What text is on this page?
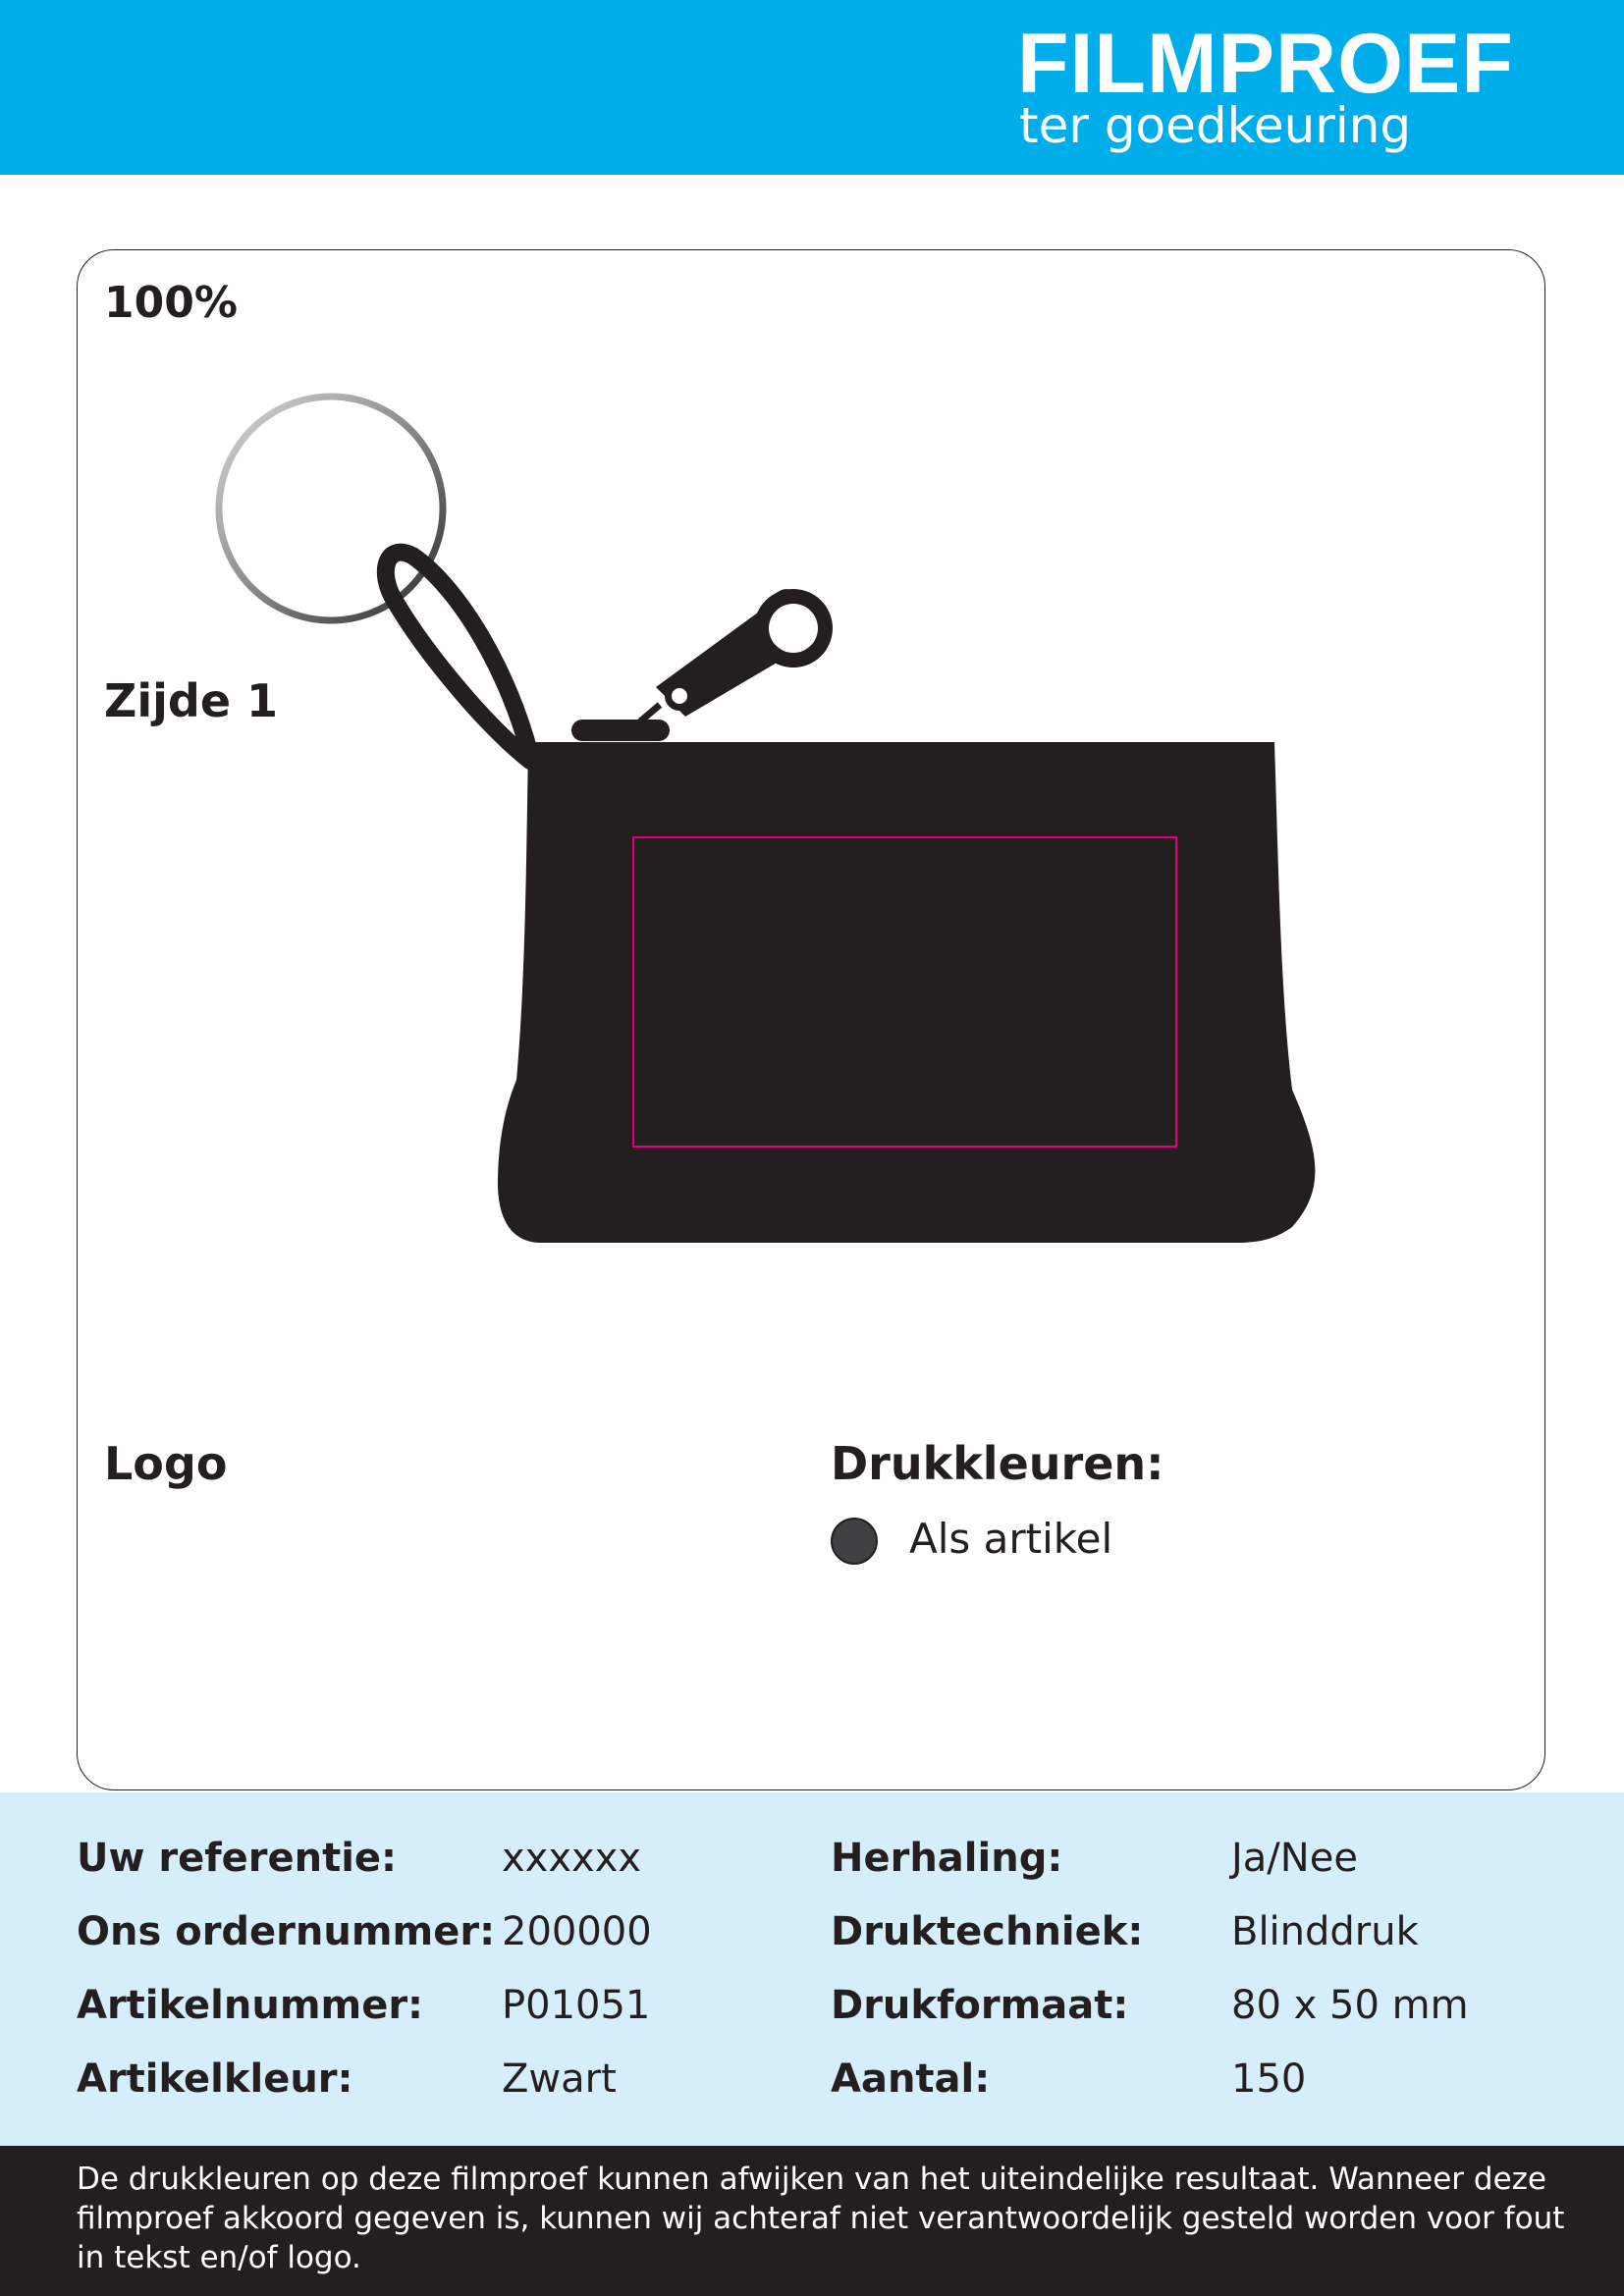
FILMPROEF
ter goedkeuring
100%
Zijde 1
Logo	Drukkleuren:
Als artikel
Uw referentie:	xxxxxx
Ons ordernummer: 200000
Artikelnummer: P01051
Artikelkleur:	Zwart
Herhaling:	Ja/Nee
Druktechniek: Blinddruk
Drukformaat:	80 x 50 mm
Aantal:	150
De drukkleuren op deze filmproef kunnen afwijken van het uiteindelijke resultaat. Wanneer deze filmproef akkoord gegeven is, kunnen wij achteraf niet verantwoordelijk gesteld worden voor fout in tekst en/of logo.
